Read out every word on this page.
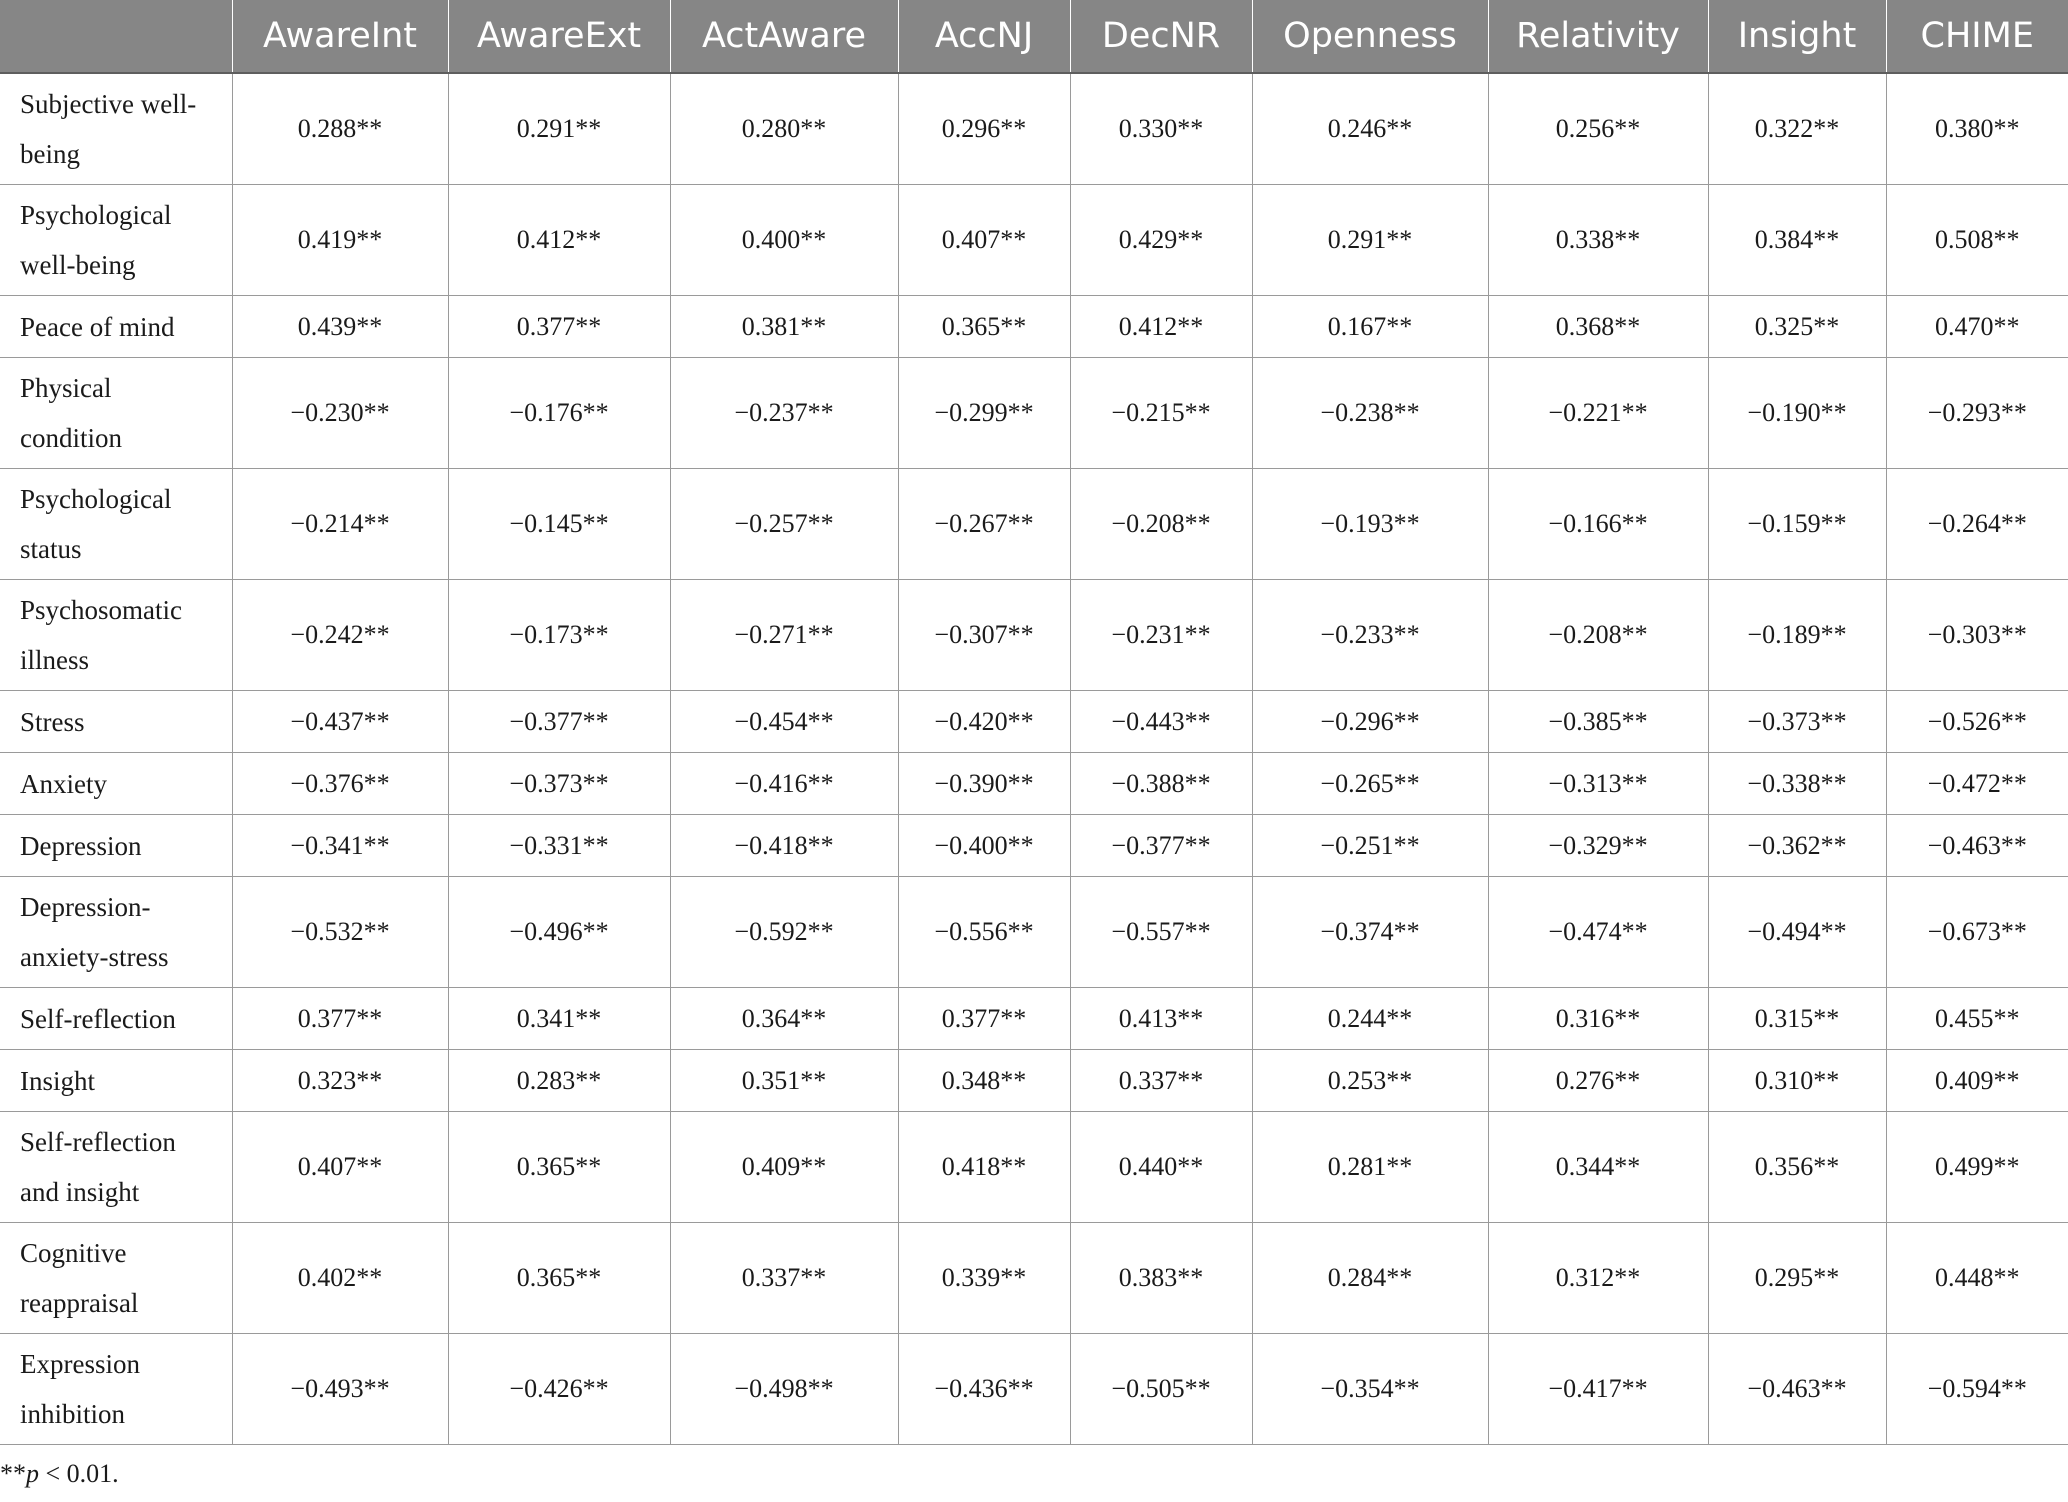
	AwareInt	AwareExt	ActAware	AccNJ	DecNR	Openness	Relativity	Insight	CHIME
Subjective well-being	0.288**	0.291**	0.280**	0.296**	0.330**	0.246**	0.256**	0.322**	0.380**
Psychological well-being	0.419**	0.412**	0.400**	0.407**	0.429**	0.291**	0.338**	0.384**	0.508**
Peace of mind	0.439**	0.377**	0.381**	0.365**	0.412**	0.167**	0.368**	0.325**	0.470**
Physical condition	−0.230**	−0.176**	−0.237**	−0.299**	−0.215**	−0.238**	−0.221**	−0.190**	−0.293**
Psychological status	−0.214**	−0.145**	−0.257**	−0.267**	−0.208**	−0.193**	−0.166**	−0.159**	−0.264**
Psychosomatic illness	−0.242**	−0.173**	−0.271**	−0.307**	−0.231**	−0.233**	−0.208**	−0.189**	−0.303**
Stress	−0.437**	−0.377**	−0.454**	−0.420**	−0.443**	−0.296**	−0.385**	−0.373**	−0.526**
Anxiety	−0.376**	−0.373**	−0.416**	−0.390**	−0.388**	−0.265**	−0.313**	−0.338**	−0.472**
Depression	−0.341**	−0.331**	−0.418**	−0.400**	−0.377**	−0.251**	−0.329**	−0.362**	−0.463**
Depression-anxiety-stress	−0.532**	−0.496**	−0.592**	−0.556**	−0.557**	−0.374**	−0.474**	−0.494**	−0.673**
Self-reflection	0.377**	0.341**	0.364**	0.377**	0.413**	0.244**	0.316**	0.315**	0.455**
Insight	0.323**	0.283**	0.351**	0.348**	0.337**	0.253**	0.276**	0.310**	0.409**
Self-reflection and insight	0.407**	0.365**	0.409**	0.418**	0.440**	0.281**	0.344**	0.356**	0.499**
Cognitive reappraisal	0.402**	0.365**	0.337**	0.339**	0.383**	0.284**	0.312**	0.295**	0.448**
Expression inhibition	−0.493**	−0.426**	−0.498**	−0.436**	−0.505**	−0.354**	−0.417**	−0.463**	−0.594**
**p < 0.01.
